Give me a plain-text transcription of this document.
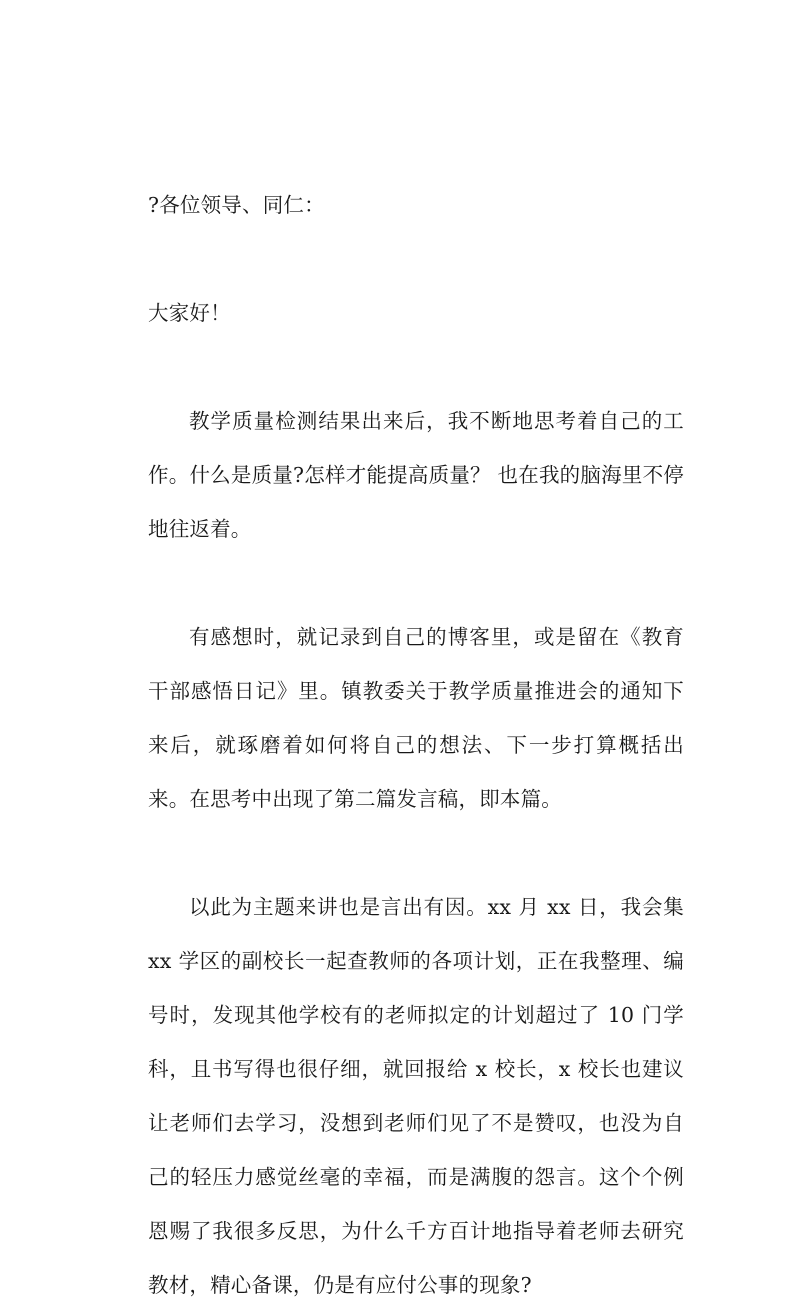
?各位领导、同仁：

大家好！

教学质量检测结果出来后，我不断地思考着自己的工作。什么是质量?怎样才能提高质量？ 也在我的脑海里不停地往返着。

有感想时，就记录到自己的博客里，或是留在《教育干部感悟日记》里。镇教委关于教学质量推进会的通知下来后，就琢磨着如何将自己的想法、下一步打算概括出来。在思考中出现了第二篇发言稿，即本篇。

以此为主题来讲也是言出有因。xx 月 xx 日，我会集 xx 学区的副校长一起查教师的各项计划，正在我整理、编号时，发现其他学校有的老师拟定的计划超过了 10 门学科，且书写得也很仔细，就回报给 x 校长，x 校长也建议让老师们去学习，没想到老师们见了不是赞叹，也没为自己的轻压力感觉丝毫的幸福，而是满腹的怨言。这个个例恩赐了我很多反思，为什么千方百计地指导着老师去研究教材，精心备课，仍是有应付公事的现象?
